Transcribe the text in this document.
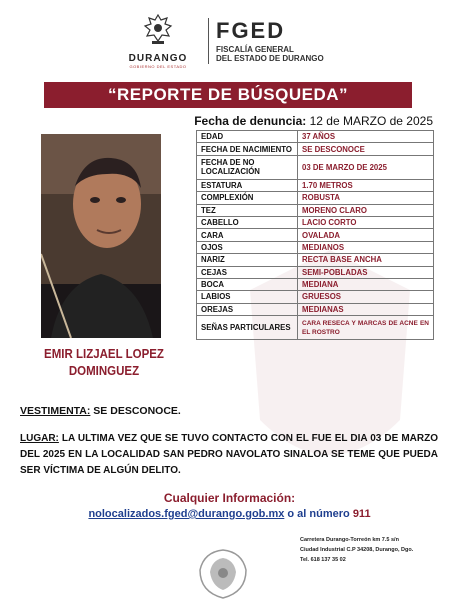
DURANGO
GOBIERNO DEL ESTADO
FGED
FISCALÍA GENERAL
DEL ESTADO DE DURANGO
“REPORTE DE BÚSQUEDA”
Fecha de denuncia: 12 de MARZO de 2025
EMIR LIZJAEL LOPEZ
DOMINGUEZ
EDAD	37 AÑOS
FECHA DE NACIMIENTO	SE DESCONOCE
FECHA DE NO LOCALIZACIÓN	03 DE MARZO DE 2025
ESTATURA	1.70 METROS
COMPLEXIÓN	ROBUSTA
TEZ	MORENO CLARO
CABELLO	LACIO CORTO
CARA	OVALADA
OJOS	MEDIANOS
NARIZ	RECTA BASE ANCHA
CEJAS	SEMI-POBLADAS
BOCA	MEDIANA
LABIOS	GRUESOS
OREJAS	MEDIANAS
SEÑAS PARTICULARES	CARA RESECA Y MARCAS DE ACNE EN EL ROSTRO
VESTIMENTA: SE DESCONOCE.
LUGAR: LA ULTIMA VEZ QUE SE TUVO CONTACTO CON EL FUE EL DIA 03 DE MARZO DEL 2025 EN LA LOCALIDAD SAN PEDRO NAVOLATO SINALOA SE TEME QUE PUEDA SER VÍCTIMA DE ALGÚN DELITO.
Cualquier Información:
nolocalizados.fged@durango.gob.mx o al número 911
Carretera Durango-Torreón km 7.5 s/n
Ciudad Industrial C.P 34208, Durango, Dgo.
Tel. 618 137 35 02
